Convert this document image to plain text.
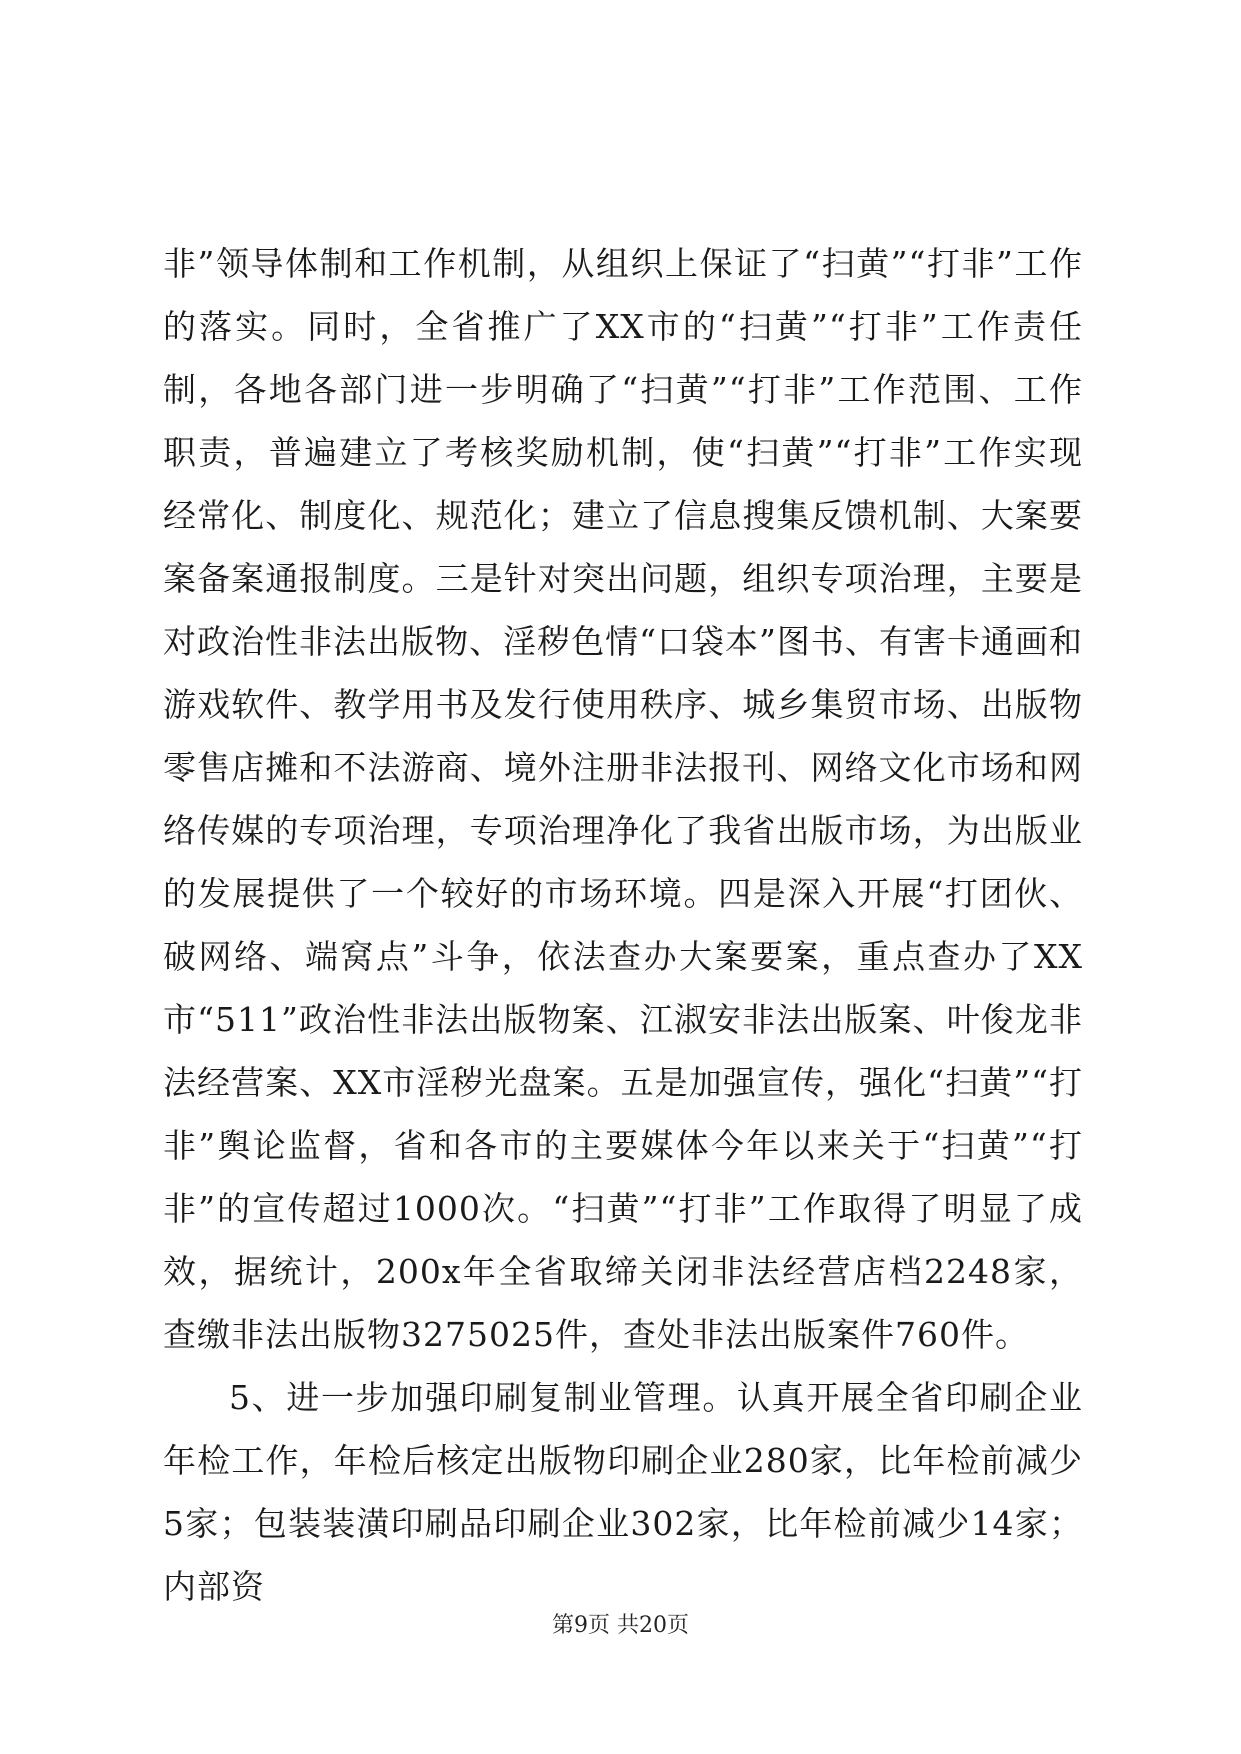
非”领导体制和工作机制，从组织上保证了“扫黄”“打非”工作的落实。同时，全省推广了XX市的“扫黄”“打非”工作责任制，各地各部门进一步明确了“扫黄”“打非”工作范围、工作职责，普遍建立了考核奖励机制，使“扫黄”“打非”工作实现经常化、制度化、规范化；建立了信息搜集反馈机制、大案要案备案通报制度。三是针对突出问题，组织专项治理，主要是对政治性非法出版物、淫秽色情“口袋本”图书、有害卡通画和游戏软件、教学用书及发行使用秩序、城乡集贸市场、出版物零售店摊和不法游商、境外注册非法报刊、网络文化市场和网络传媒的专项治理，专项治理净化了我省出版市场，为出版业的发展提供了一个较好的市场环境。四是深入开展“打团伙、破网络、端窝点”斗争，依法查办大案要案，重点查办了XX市“511”政治性非法出版物案、江淑安非法出版案、叶俊龙非法经营案、XX市淫秽光盘案。五是加强宣传，强化“扫黄”“打非”舆论监督，省和各市的主要媒体今年以来关于“扫黄”“打非”的宣传超过1000次。“扫黄”“打非”工作取得了明显了成效，据统计，200x年全省取缔关闭非法经营店档2248家，查缴非法出版物3275025件，查处非法出版案件760件。

5、进一步加强印刷复制业管理。认真开展全省印刷企业年检工作，年检后核定出版物印刷企业280家，比年检前减少5家；包装装潢印刷品印刷企业302家，比年检前减少14家；内部资

第9页 共20页
